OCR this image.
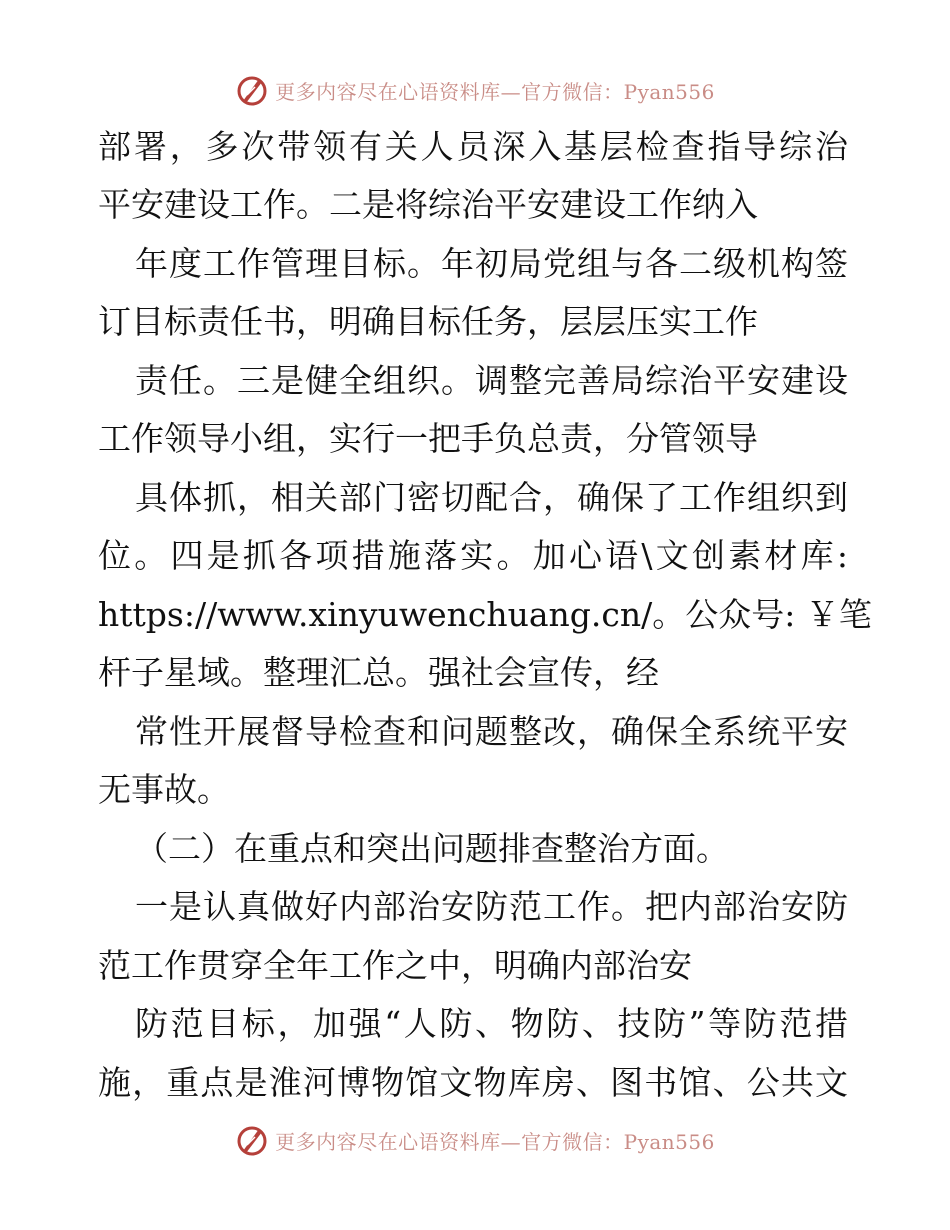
更多内容尽在心语资料库—官方微信：Pyan556
部署，多次带领有关人员深入基层检查指导综治
平安建设工作。二是将综治平安建设工作纳入
年度工作管理目标。年初局党组与各二级机构签
订目标责任书，明确目标任务，层层压实工作
责任。三是健全组织。调整完善局综治平安建设
工作领导小组，实行一把手负总责，分管领导
具体抓，相关部门密切配合，确保了工作组织到
位。四是抓各项措施落实。加心语\文创素材库:
https://www.xinyuwenchuang.cn/。公众号: ￥笔
杆子星域。整理汇总。强社会宣传，经
常性开展督导检查和问题整改，确保全系统平安
无事故。
（二）在重点和突出问题排查整治方面。
一是认真做好内部治安防范工作。把内部治安防
范工作贯穿全年工作之中，明确内部治安
防范目标，加强“人防、物防、技防”等防范措
施，重点是淮河博物馆文物库房、图书馆、公共文
更多内容尽在心语资料库—官方微信：Pyan556
